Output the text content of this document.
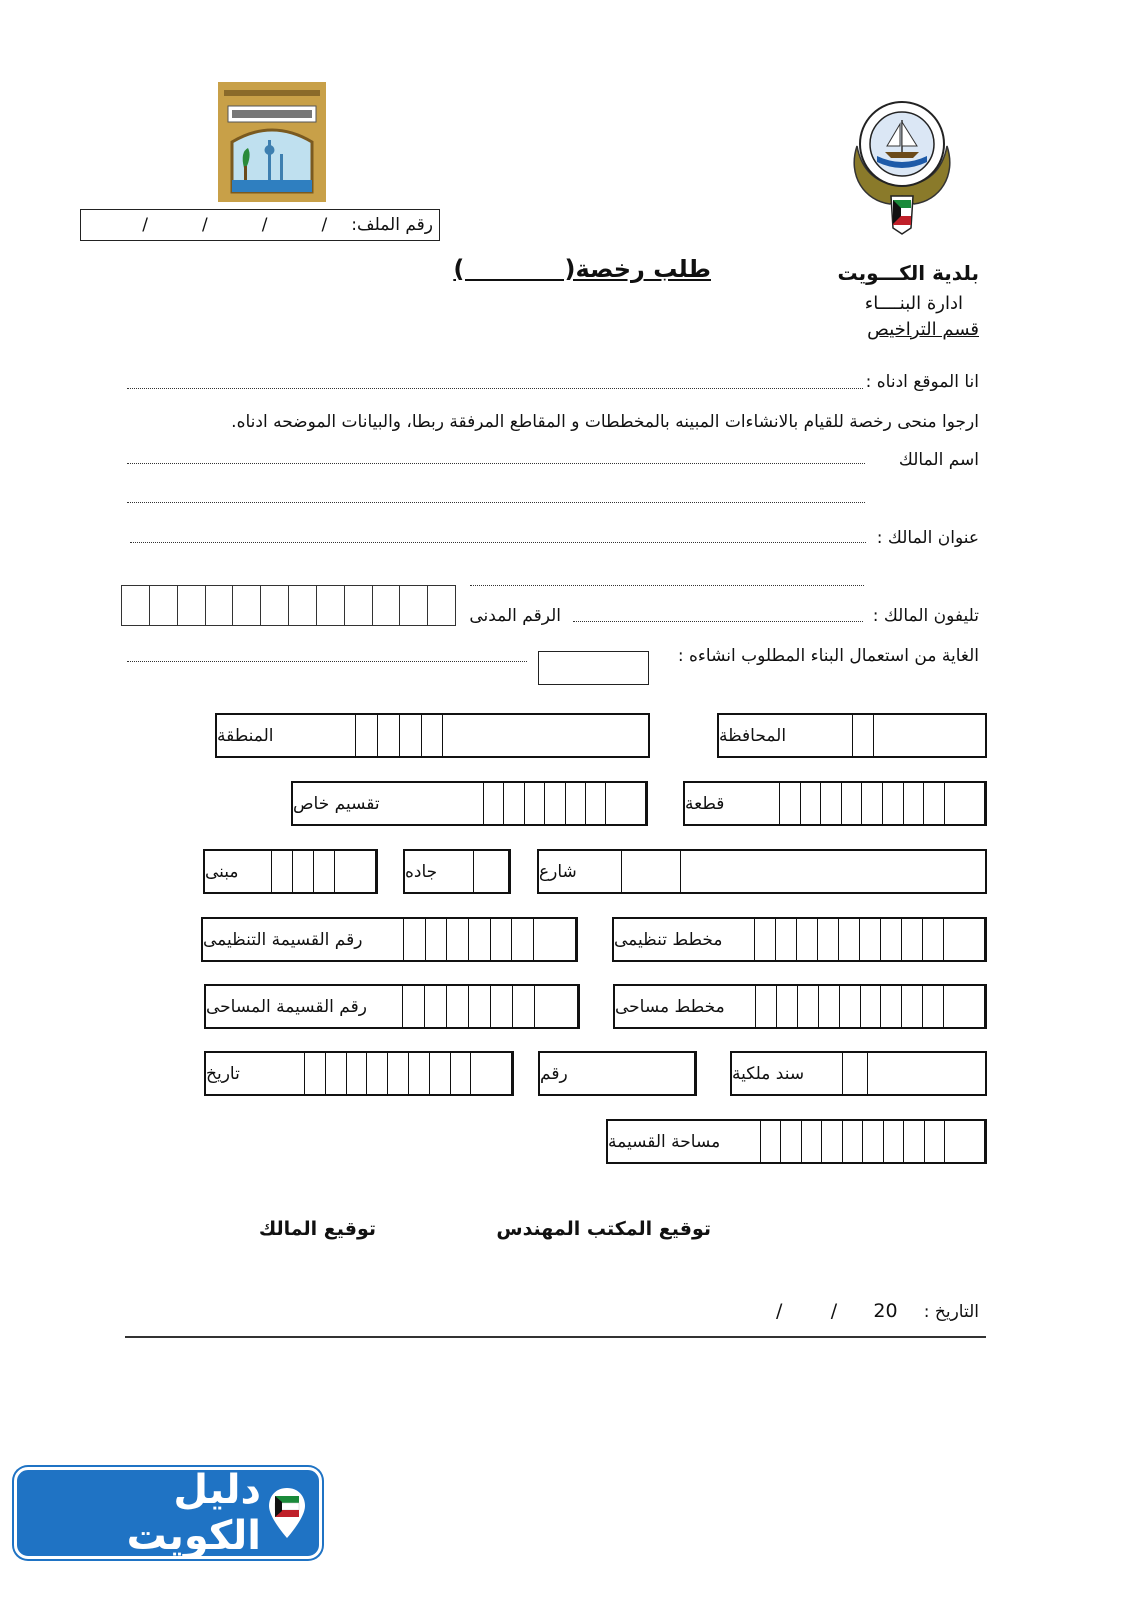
رقم الملف:
/          /          /          /
بلدية الكـــويت
ادارة البنــــاء
قسم التراخيص
طلب رخصة(            )
انا الموقع ادناه :
ارجوا منحى رخصة للقيام بالانشاءات المبينه بالمخططات و المقاطع المرفقة ربطا، والبيانات الموضحه ادناه.
اسم المالك
عنوان المالك :
تليفون المالك :
الرقم المدنى
الغاية من استعمال البناء المطلوب انشاءه :
المحافظة
المنطقة
قطعة
تقسيم خاص
شارع
جاده
مبنى
مخطط تنظيمى
رقم القسيمة التنظيمى
مخطط مساحى
رقم القسيمة المساحى
سند ملكية
رقم
تاريخ
مساحة القسيمة
توقيع المكتب المهندس
توقيع المالك
التاريخ :
20      /        /
دليل الكويت
